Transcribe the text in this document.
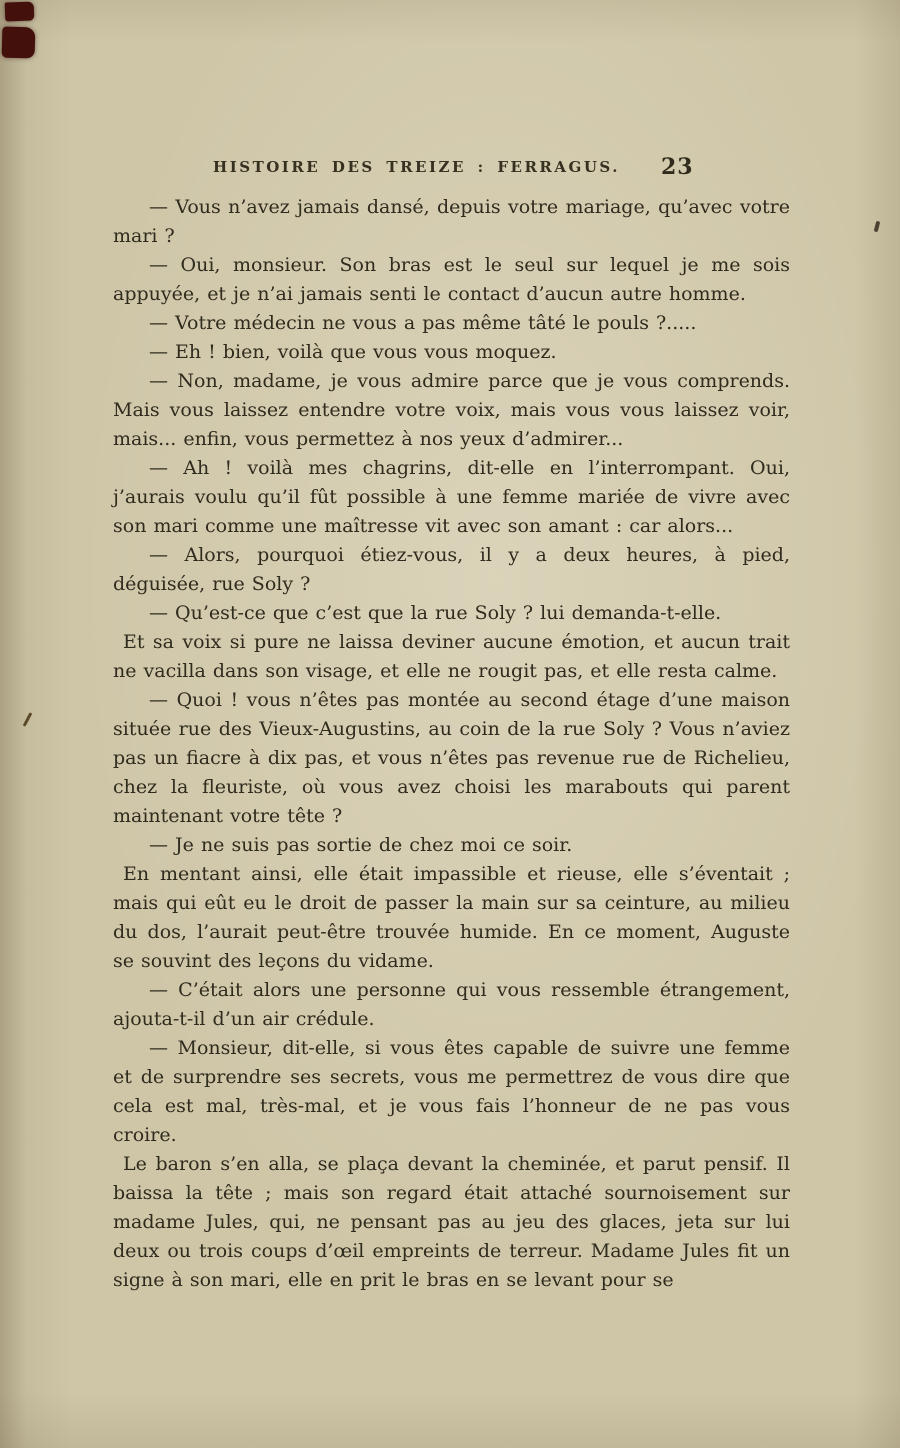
HISTOIRE DES TREIZE : FERRAGUS.	23

— Vous n’avez jamais dansé, depuis votre mariage, qu’avec votre mari ?

— Oui, monsieur. Son bras est le seul sur lequel je me sois appuyée, et je n’ai jamais senti le contact d’aucun autre homme.

— Votre médecin ne vous a pas même tâté le pouls ?.....

— Eh ! bien, voilà que vous vous moquez.

— Non, madame, je vous admire parce que je vous comprends. Mais vous laissez entendre votre voix, mais vous vous laissez voir, mais... enfin, vous permettez à nos yeux d’admirer...

— Ah ! voilà mes chagrins, dit-elle en l’interrompant. Oui, j’aurais voulu qu’il fût possible à une femme mariée de vivre avec son mari comme une maîtresse vit avec son amant : car alors...

— Alors, pourquoi étiez-vous, il y a deux heures, à pied, déguisée, rue Soly ?

— Qu’est-ce que c’est que la rue Soly ? lui demanda-t-elle.

Et sa voix si pure ne laissa deviner aucune émotion, et aucun trait ne vacilla dans son visage, et elle ne rougit pas, et elle resta calme.

— Quoi ! vous n’êtes pas montée au second étage d’une maison située rue des Vieux-Augustins, au coin de la rue Soly ? Vous n’aviez pas un fiacre à dix pas, et vous n’êtes pas revenue rue de Richelieu, chez la fleuriste, où vous avez choisi les marabouts qui parent maintenant votre tête ?

— Je ne suis pas sortie de chez moi ce soir.

En mentant ainsi, elle était impassible et rieuse, elle s’éventait ; mais qui eût eu le droit de passer la main sur sa ceinture, au milieu du dos, l’aurait peut-être trouvée humide. En ce moment, Auguste se souvint des leçons du vidame.

— C’était alors une personne qui vous ressemble étrangement, ajouta-t-il d’un air crédule.

— Monsieur, dit-elle, si vous êtes capable de suivre une femme et de surprendre ses secrets, vous me permettrez de vous dire que cela est mal, très-mal, et je vous fais l’honneur de ne pas vous croire.

Le baron s’en alla, se plaça devant la cheminée, et parut pensif. Il baissa la tête ; mais son regard était attaché sournoisement sur madame Jules, qui, ne pensant pas au jeu des glaces, jeta sur lui deux ou trois coups d’œil empreints de terreur. Madame Jules fit un signe à son mari, elle en prit le bras en se levant pour se
